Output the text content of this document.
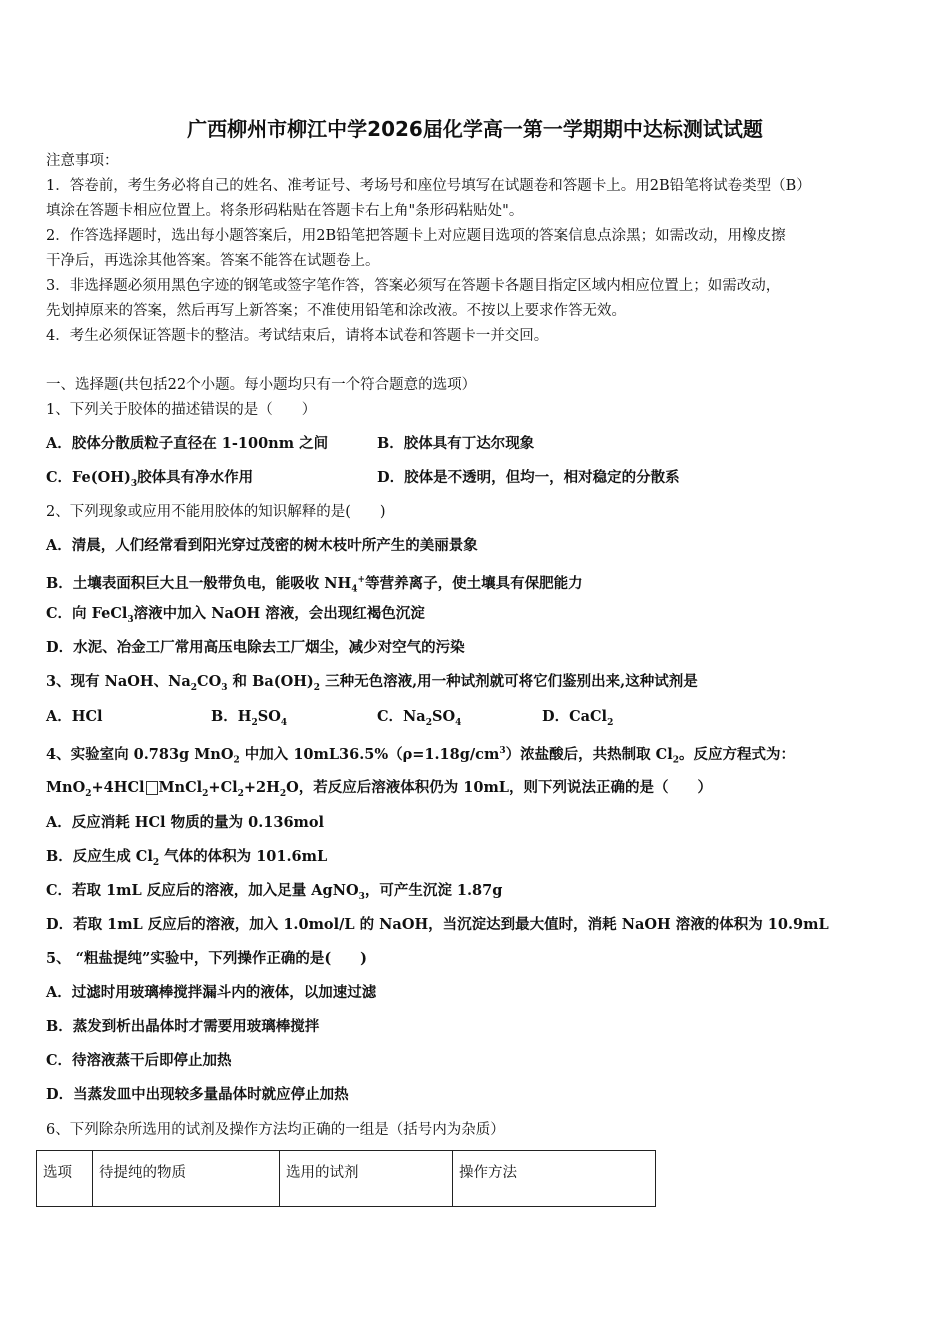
广西柳州市柳江中学2026届化学高一第一学期期中达标测试试题
注意事项：
1．答卷前，考生务必将自己的姓名、准考证号、考场号和座位号填写在试题卷和答题卡上。用2B铅笔将试卷类型（B）
填涂在答题卡相应位置上。将条形码粘贴在答题卡右上角"条形码粘贴处"。
2．作答选择题时，选出每小题答案后，用2B铅笔把答题卡上对应题目选项的答案信息点涂黑；如需改动，用橡皮擦
干净后，再选涂其他答案。答案不能答在试题卷上。
3．非选择题必须用黑色字迹的钢笔或签字笔作答，答案必须写在答题卡各题目指定区域内相应位置上；如需改动，
先划掉原来的答案，然后再写上新答案；不准使用铅笔和涂改液。不按以上要求作答无效。
4．考生必须保证答题卡的整洁。考试结束后，请将本试卷和答题卡一并交回。
一、选择题(共包括22个小题。每小题均只有一个符合题意的选项）
1、下列关于胶体的描述错误的是（　　）
A．胶体分散质粒子直径在 1-100nm 之间	B．胶体具有丁达尔现象
C．$Fe(OH)_3$胶体具有净水作用	D．胶体是不透明，但均一，相对稳定的分散系
2、下列现象或应用不能用胶体的知识解释的是(　　)
A．清晨，人们经常看到阳光穿过茂密的树木枝叶所产生的美丽景象
B．土壤表面积巨大且一般带负电，能吸收 $NH_4^+$等营养离子，使土壤具有保肥能力
C．向 FeCl$_3$溶液中加入 NaOH 溶液，会出现红褐色沉淀
D．水泥、冶金工厂常用高压电除去工厂烟尘，减少对空气的污染
3、现有 NaOH、$Na_2CO_3$ 和 $Ba(OH)_2$ 三种无色溶液,用一种试剂就可将它们鉴别出来,这种试剂是
A．HCl	B．$H_2SO_4$	C．$Na_2SO_4$	D．CaCl$_2$
4、实验室向 0.783g MnO$_2$ 中加入 $10mL36.5\%(\rho=1.18g/cm^3)$浓盐酸后，共热制取 $Cl_2$。反应方程式为：
MnO$_2$+4HCl $MnCl_2+Cl_2+2H_2O$，若反应后溶液体积仍为 10mL，则下列说法正确的是（　　）
A．反应消耗 HCl 物质的量为 0.136mol
B．反应生成 $Cl_2$ 气体的体积为 101.6mL
C．若取 1mL 反应后的溶液，加入足量 AgNO$_3$，可产生沉淀 1.87g
D．若取 1mL 反应后的溶液，加入 1.0mol/L 的 NaOH，当沉淀达到最大值时，消耗 NaOH 溶液的体积为 10.9mL
5、 “粗盐提纯”实验中，下列操作正确的是(　　)
A．过滤时用玻璃棒搅拌漏斗内的液体，以加速过滤
B．蒸发到析出晶体时才需要用玻璃棒搅拌
C．待溶液蒸干后即停止加热
D．当蒸发皿中出现较多量晶体时就应停止加热
6、下列除杂所选用的试剂及操作方法均正确的一组是（括号内为杂质）
选项	待提纯的物质	选用的试剂	操作方法
